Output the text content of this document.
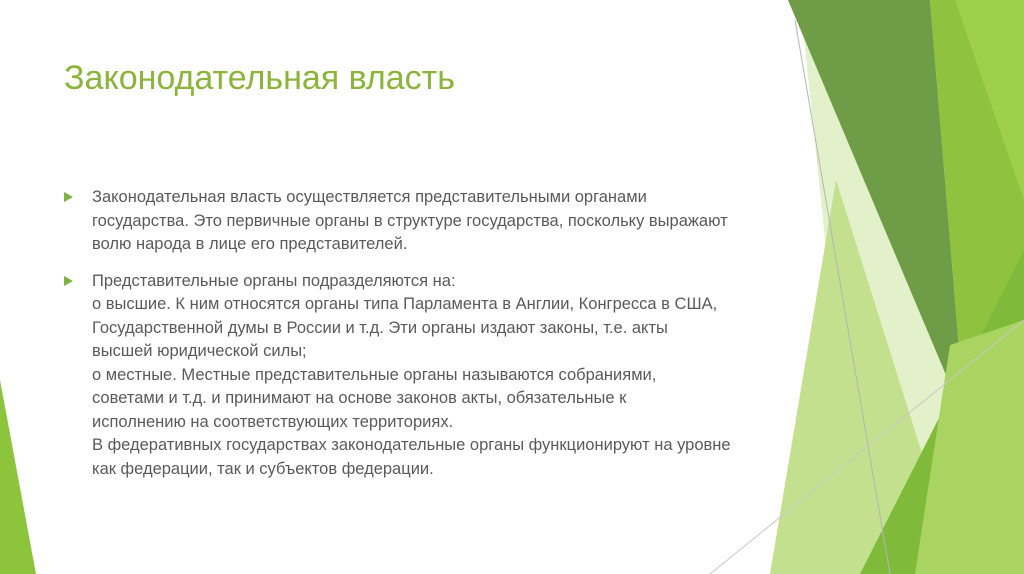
Законодательная власть
Законодательная власть осуществляется представительными органами
государства. Это первичные органы в структуре государства, поскольку выражают
волю народа в лице его представителей.
Представительные органы подразделяются на:
о высшие. К ним относятся органы типа Парламента в Англии, Конгресса в США,
Государственной думы в России и т.д. Эти органы издают законы, т.е. акты
высшей юридической силы;
о местные. Местные представительные органы называются собраниями,
советами и т.д. и принимают на основе законов акты, обязательные к
исполнению на соответствующих территориях.
В федеративных государствах законодательные органы функционируют на уровне
как федерации, так и субъектов федерации.
